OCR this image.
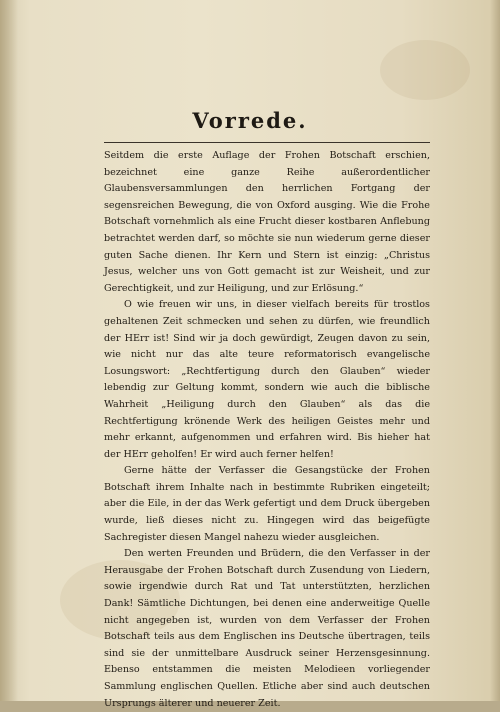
Vorrede.

Seitdem die erste Auflage der Frohen Botschaft erschien, bezeichnet eine ganze Reihe außerordentlicher Glaubensversammlungen den herrlichen Fortgang der segensreichen Bewegung, die von Oxford ausging. Wie die Frohe Botschaft vornehmlich als eine Frucht dieser kostbaren Anflebung betrachtet werden darf, so möchte sie nun wiederum gerne dieser guten Sache dienen. Ihr Kern und Stern ist einzig: „Christus Jesus, welcher uns von Gott gemacht ist zur Weisheit, und zur Gerechtigkeit, und zur Heiligung, und zur Erlösung.“

O wie freuen wir uns, in dieser vielfach bereits für trostlos gehaltenen Zeit schmecken und sehen zu dürfen, wie freundlich der HErr ist! Sind wir ja doch gewürdigt, Zeugen davon zu sein, wie nicht nur das alte teure reformatorisch evangelische Losungswort: „Rechtfertigung durch den Glauben“ wieder lebendig zur Geltung kommt, sondern wie auch die biblische Wahrheit „Heiligung durch den Glauben“ als das die Rechtfertigung krönende Werk des heiligen Geistes mehr und mehr erkannt, aufgenommen und erfahren wird. Bis hieher hat der HErr geholfen! Er wird auch ferner helfen!

Gerne hätte der Verfasser die Gesangstücke der Frohen Botschaft ihrem Inhalte nach in bestimmte Rubriken eingeteilt; aber die Eile, in der das Werk gefertigt und dem Druck übergeben wurde, ließ dieses nicht zu. Hingegen wird das beigefügte Sachregister diesen Mangel nahezu wieder ausgleichen.

Den werten Freunden und Brüdern, die den Verfasser in der Herausgabe der Frohen Botschaft durch Zusendung von Liedern, sowie irgendwie durch Rat und Tat unterstützten, herzlichen Dank! Sämtliche Dichtungen, bei denen eine anderweitige Quelle nicht angegeben ist, wurden von dem Verfasser der Frohen Botschaft teils aus dem Englischen ins Deutsche übertragen, teils sind sie der unmittelbare Ausdruck seiner Herzensgesinnung. Ebenso entstammen die meisten Melodieen vorliegender Sammlung englischen Quellen. Etliche aber sind auch deutschen Ursprungs älterer und neuerer Zeit.
